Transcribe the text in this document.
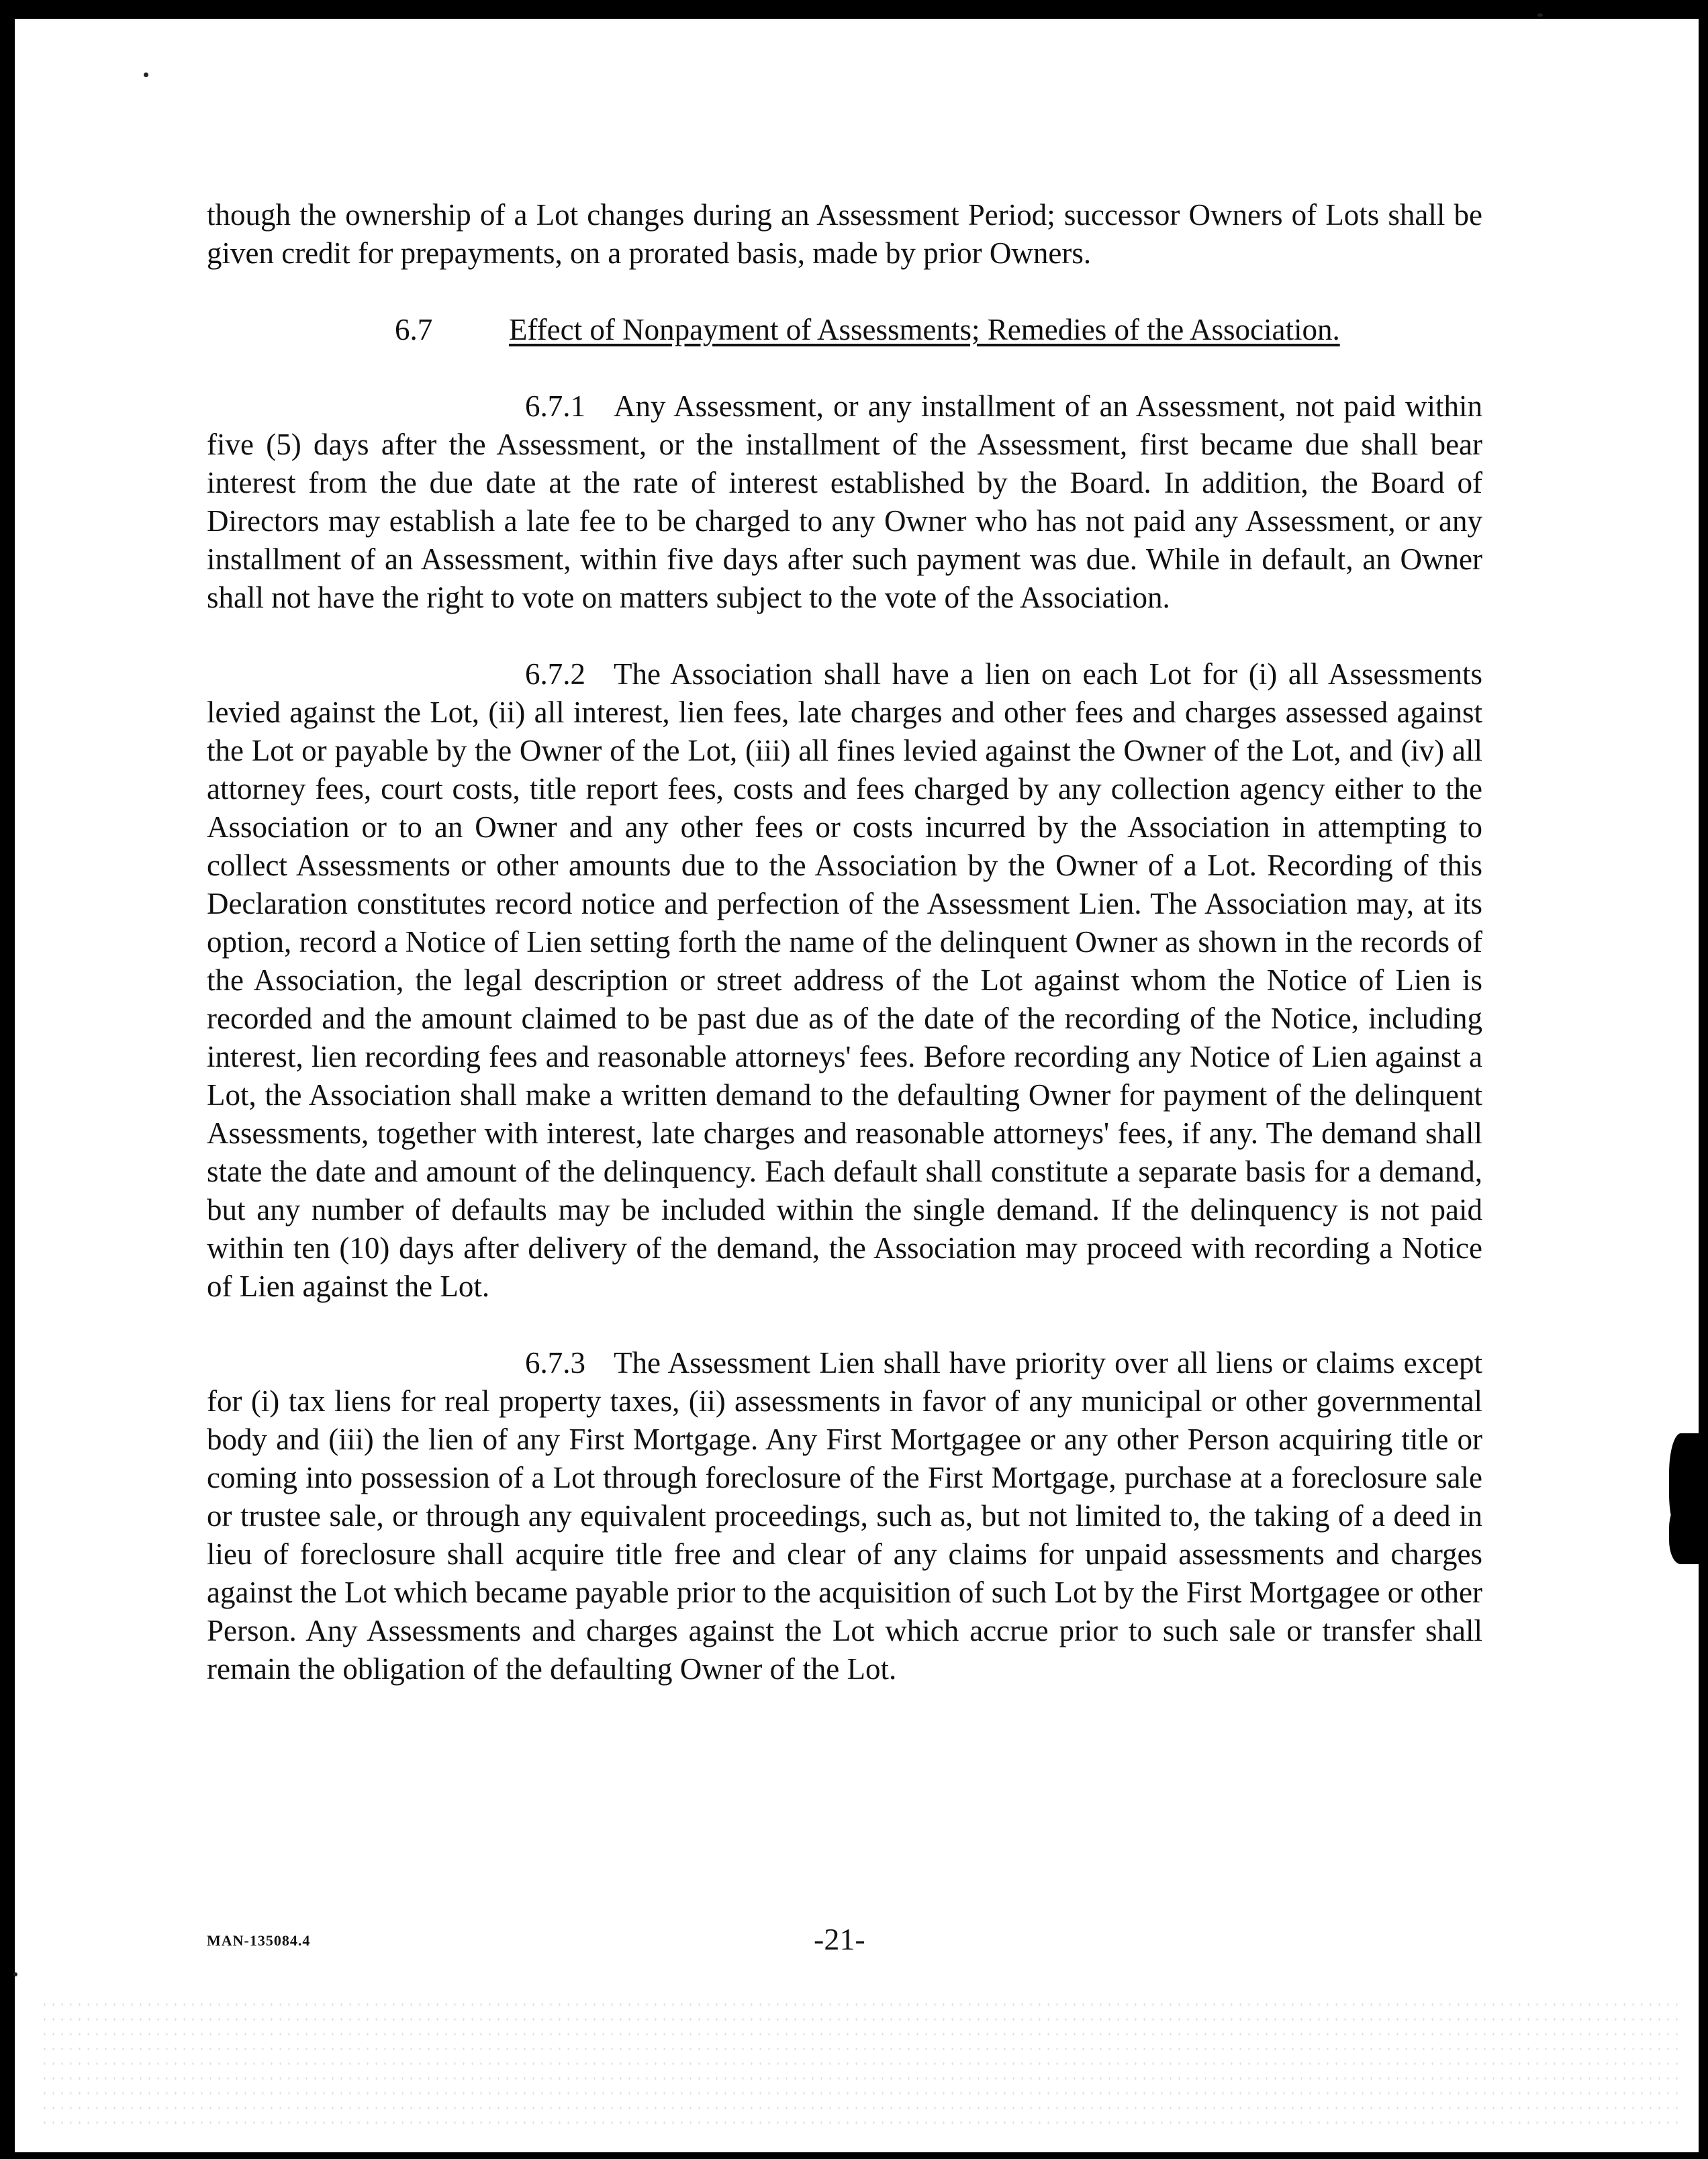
though the ownership of a Lot changes during an Assessment Period; successor Owners of Lots shall be given credit for prepayments, on a prorated basis, made by prior Owners.

6.7	Effect of Nonpayment of Assessments; Remedies of the Association.

6.7.1 Any Assessment, or any installment of an Assessment, not paid within five (5) days after the Assessment, or the installment of the Assessment, first became due shall bear interest from the due date at the rate of interest established by the Board. In addition, the Board of Directors may establish a late fee to be charged to any Owner who has not paid any Assessment, or any installment of an Assessment, within five days after such payment was due. While in default, an Owner shall not have the right to vote on matters subject to the vote of the Association.

6.7.2 The Association shall have a lien on each Lot for (i) all Assessments levied against the Lot, (ii) all interest, lien fees, late charges and other fees and charges assessed against the Lot or payable by the Owner of the Lot, (iii) all fines levied against the Owner of the Lot, and (iv) all attorney fees, court costs, title report fees, costs and fees charged by any collection agency either to the Association or to an Owner and any other fees or costs incurred by the Association in attempting to collect Assessments or other amounts due to the Association by the Owner of a Lot. Recording of this Declaration constitutes record notice and perfection of the Assessment Lien. The Association may, at its option, record a Notice of Lien setting forth the name of the delinquent Owner as shown in the records of the Association, the legal description or street address of the Lot against whom the Notice of Lien is recorded and the amount claimed to be past due as of the date of the recording of the Notice, including interest, lien recording fees and reasonable attorneys' fees. Before recording any Notice of Lien against a Lot, the Association shall make a written demand to the defaulting Owner for payment of the delinquent Assessments, together with interest, late charges and reasonable attorneys' fees, if any. The demand shall state the date and amount of the delinquency. Each default shall constitute a separate basis for a demand, but any number of defaults may be included within the single demand. If the delinquency is not paid within ten (10) days after delivery of the demand, the Association may proceed with recording a Notice of Lien against the Lot.

6.7.3 The Assessment Lien shall have priority over all liens or claims except for (i) tax liens for real property taxes, (ii) assessments in favor of any municipal or other governmental body and (iii) the lien of any First Mortgage. Any First Mortgagee or any other Person acquiring title or coming into possession of a Lot through foreclosure of the First Mortgage, purchase at a foreclosure sale or trustee sale, or through any equivalent proceedings, such as, but not limited to, the taking of a deed in lieu of foreclosure shall acquire title free and clear of any claims for unpaid assessments and charges against the Lot which became payable prior to the acquisition of such Lot by the First Mortgagee or other Person. Any Assessments and charges against the Lot which accrue prior to such sale or transfer shall remain the obligation of the defaulting Owner of the Lot.

MAN-135084.4	-21-
